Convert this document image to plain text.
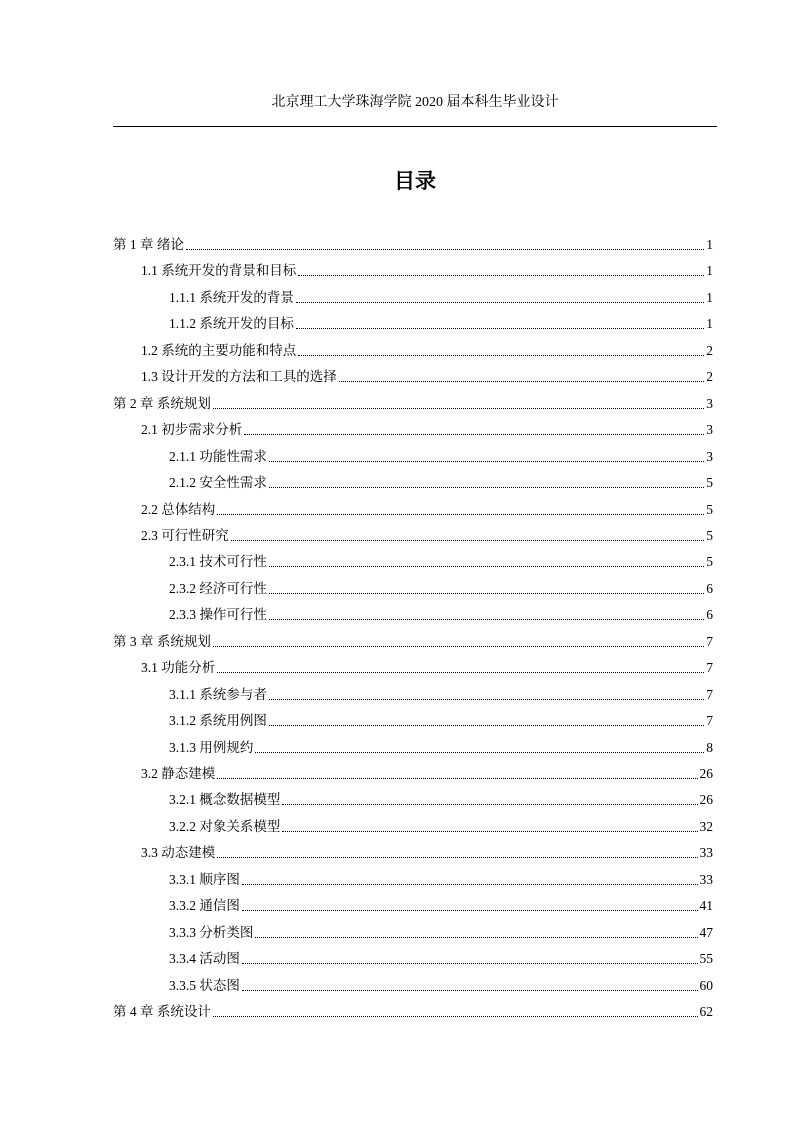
北京理工大学珠海学院 2020 届本科生毕业设计
目录
第 1 章 绪论	1
1.1 系统开发的背景和目标	1
1.1.1 系统开发的背景	1
1.1.2 系统开发的目标	1
1.2 系统的主要功能和特点	2
1.3 设计开发的方法和工具的选择	2
第 2 章 系统规划	3
2.1 初步需求分析	3
2.1.1 功能性需求	3
2.1.2 安全性需求	5
2.2 总体结构	5
2.3 可行性研究	5
2.3.1 技术可行性	5
2.3.2 经济可行性	6
2.3.3 操作可行性	6
第 3 章 系统规划	7
3.1 功能分析	7
3.1.1 系统参与者	7
3.1.2 系统用例图	7
3.1.3 用例规约	8
3.2 静态建模	26
3.2.1 概念数据模型	26
3.2.2 对象关系模型	32
3.3 动态建模	33
3.3.1 顺序图	33
3.3.2 通信图	41
3.3.3 分析类图	47
3.3.4 活动图	55
3.3.5 状态图	60
第 4 章 系统设计	62
